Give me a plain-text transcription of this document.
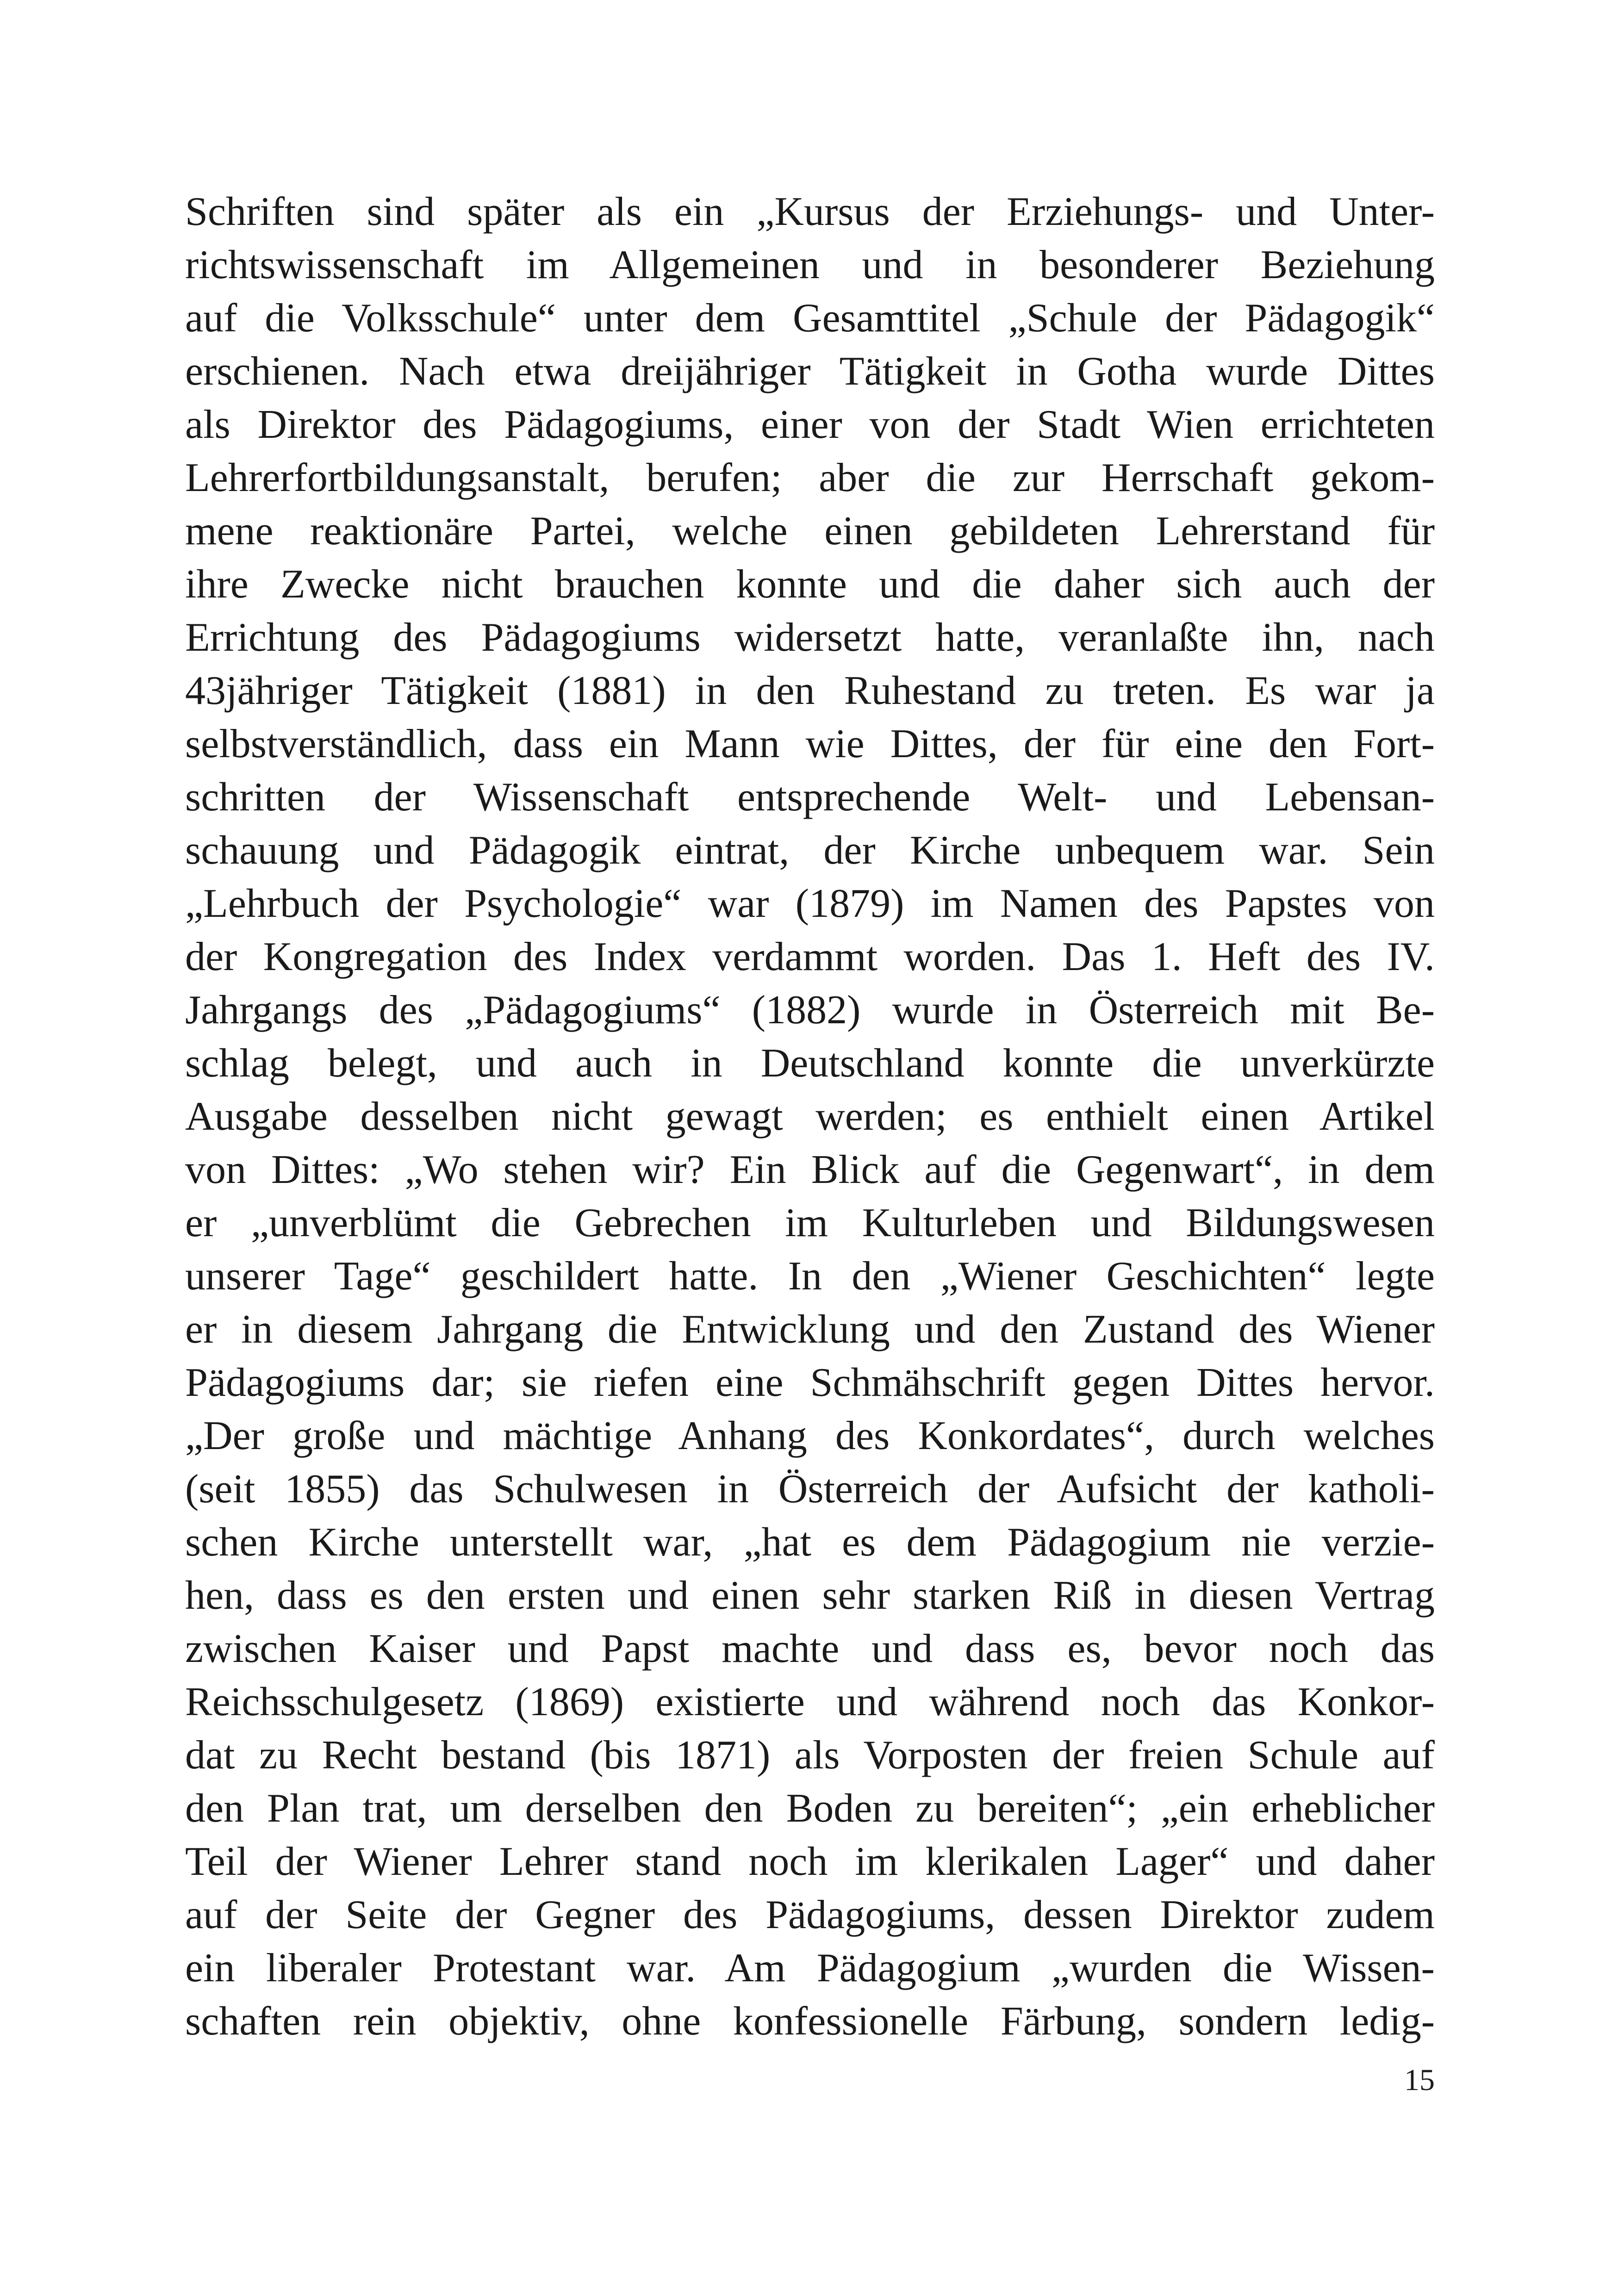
Schriften sind später als ein „Kursus der Erziehungs- und Unter-
richtswissenschaft im Allgemeinen und in besonderer Beziehung
auf die Volksschule“ unter dem Gesamttitel „Schule der Pädagogik“
erschienen. Nach etwa dreijähriger Tätigkeit in Gotha wurde Dittes
als Direktor des Pädagogiums, einer von der Stadt Wien errichteten
Lehrerfortbildungsanstalt, berufen; aber die zur Herrschaft gekom-
mene reaktionäre Partei, welche einen gebildeten Lehrerstand für
ihre Zwecke nicht brauchen konnte und die daher sich auch der
Errichtung des Pädagogiums widersetzt hatte, veranlaßte ihn, nach
43jähriger Tätigkeit (1881) in den Ruhestand zu treten. Es war ja
selbstverständlich, dass ein Mann wie Dittes, der für eine den Fort-
schritten der Wissenschaft entsprechende Welt- und Lebensan-
schauung und Pädagogik eintrat, der Kirche unbequem war. Sein
„Lehrbuch der Psychologie“ war (1879) im Namen des Papstes von
der Kongregation des Index verdammt worden. Das 1. Heft des IV.
Jahrgangs des „Pädagogiums“ (1882) wurde in Österreich mit Be-
schlag belegt, und auch in Deutschland konnte die unverkürzte
Ausgabe desselben nicht gewagt werden; es enthielt einen Artikel
von Dittes: „Wo stehen wir? Ein Blick auf die Gegenwart“, in dem
er „unverblümt die Gebrechen im Kulturleben und Bildungswesen
unserer Tage“ geschildert hatte. In den „Wiener Geschichten“ legte
er in diesem Jahrgang die Entwicklung und den Zustand des Wiener
Pädagogiums dar; sie riefen eine Schmähschrift gegen Dittes hervor.
„Der große und mächtige Anhang des Konkordates“, durch welches
(seit 1855) das Schulwesen in Österreich der Aufsicht der katholi-
schen Kirche unterstellt war, „hat es dem Pädagogium nie verzie-
hen, dass es den ersten und einen sehr starken Riß in diesen Vertrag
zwischen Kaiser und Papst machte und dass es, bevor noch das
Reichsschulgesetz (1869) existierte und während noch das Konkor-
dat zu Recht bestand (bis 1871) als Vorposten der freien Schule auf
den Plan trat, um derselben den Boden zu bereiten“; „ein erheblicher
Teil der Wiener Lehrer stand noch im klerikalen Lager“ und daher
auf der Seite der Gegner des Pädagogiums, dessen Direktor zudem
ein liberaler Protestant war. Am Pädagogium „wurden die Wissen-
schaften rein objektiv, ohne konfessionelle Färbung, sondern ledig-
15
